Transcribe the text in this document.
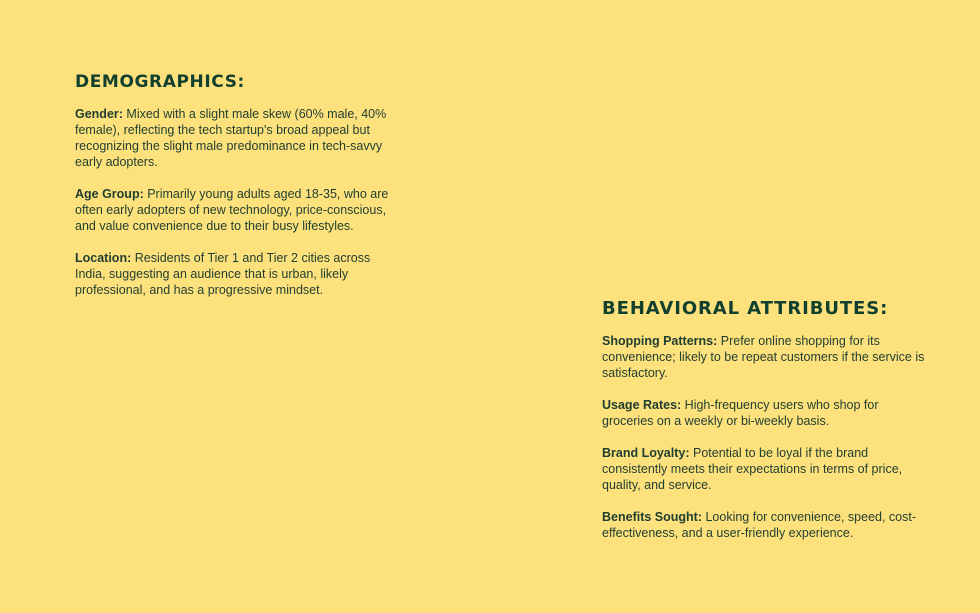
DEMOGRAPHICS:

Gender: Mixed with a slight male skew (60% male, 40% female), reflecting the tech startup's broad appeal but recognizing the slight male predominance in tech-savvy early adopters.

Age Group: Primarily young adults aged 18-35, who are often early adopters of new technology, price-conscious, and value convenience due to their busy lifestyles.

Location: Residents of Tier 1 and Tier 2 cities across India, suggesting an audience that is urban, likely professional, and has a progressive mindset.

BEHAVIORAL ATTRIBUTES:

Shopping Patterns: Prefer online shopping for its convenience; likely to be repeat customers if the service is satisfactory.

Usage Rates: High-frequency users who shop for groceries on a weekly or bi-weekly basis.

Brand Loyalty: Potential to be loyal if the brand consistently meets their expectations in terms of price, quality, and service.

Benefits Sought: Looking for convenience, speed, cost-effectiveness, and a user-friendly experience.
